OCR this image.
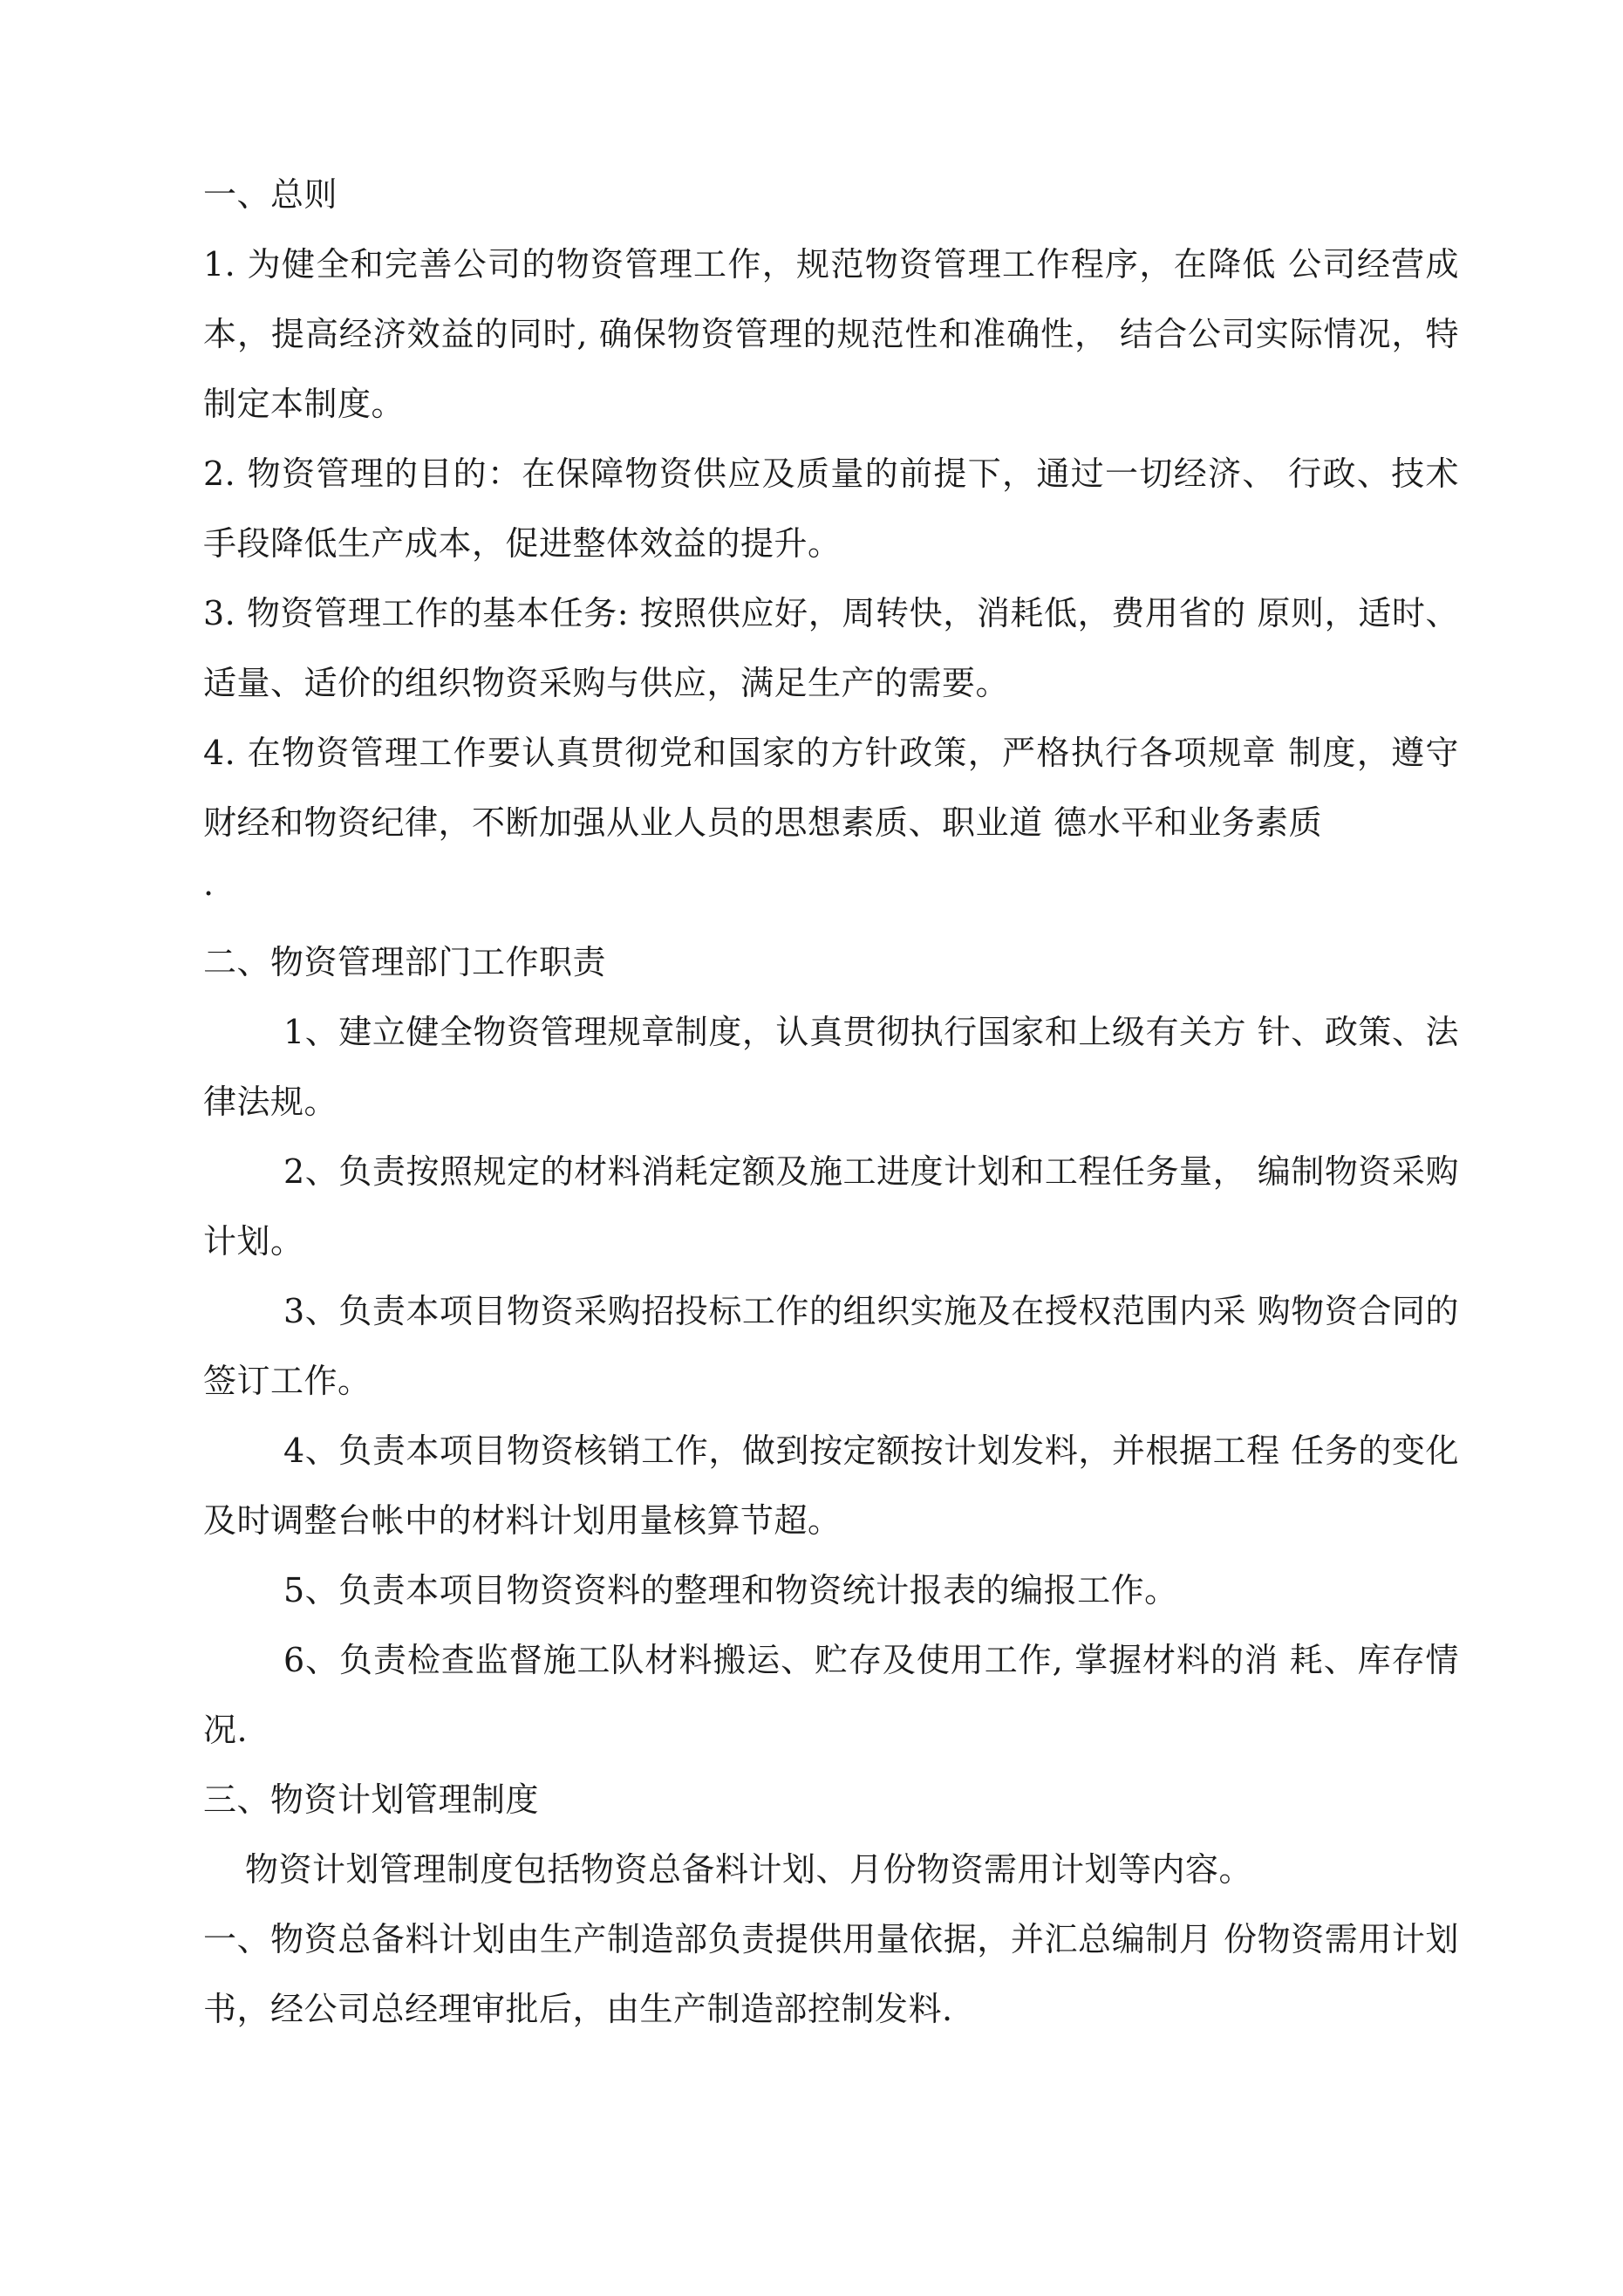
一、总则

1. 为健全和完善公司的物资管理工作，规范物资管理工作程序，在降低 公司经营成本，提高经济效益的同时, 确保物资管理的规范性和准确性， 结合公司实际情况，特制定本制度。

2. 物资管理的目的：在保障物资供应及质量的前提下，通过一切经济、 行政、技术手段降低生产成本，促进整体效益的提升。

3. 物资管理工作的基本任务: 按照供应好，周转快，消耗低，费用省的 原则，适时、适量、适价的组织物资采购与供应，满足生产的需要。

4. 在物资管理工作要认真贯彻党和国家的方针政策，严格执行各项规章 制度，遵守财经和物资纪律，不断加强从业人员的思想素质、职业道 德水平和业务素质

.

二、物资管理部门工作职责

1、建立健全物资管理规章制度，认真贯彻执行国家和上级有关方 针、政策、法律法规。

2、负责按照规定的材料消耗定额及施工进度计划和工程任务量， 编制物资采购计划。

3、负责本项目物资采购招投标工作的组织实施及在授权范围内采 购物资合同的签订工作。

4、负责本项目物资核销工作，做到按定额按计划发料，并根据工程 任务的变化及时调整台帐中的材料计划用量核算节超。

5、负责本项目物资资料的整理和物资统计报表的编报工作。

6、负责检查监督施工队材料搬运、贮存及使用工作, 掌握材料的消 耗、库存情况.

三、物资计划管理制度

物资计划管理制度包括物资总备料计划、月份物资需用计划等内容。

一、物资总备料计划由生产制造部负责提供用量依据，并汇总编制月 份物资需用计划书，经公司总经理审批后，由生产制造部控制发料.
